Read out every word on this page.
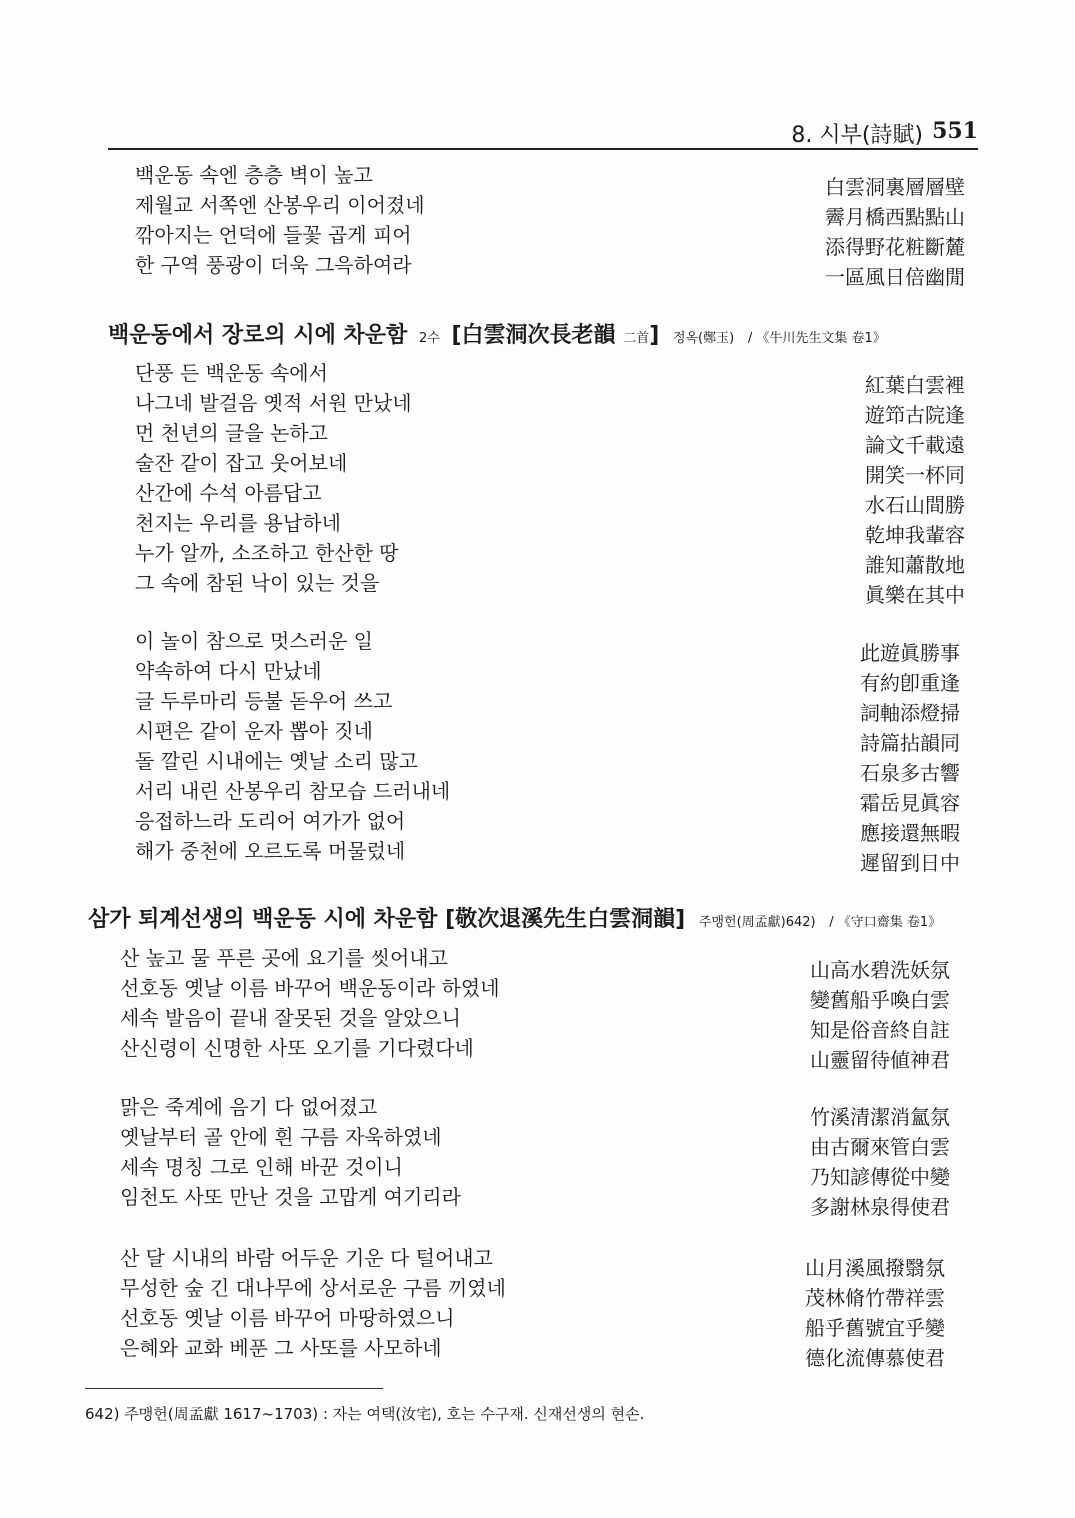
8. 시부(詩賦) 551
백운동 속엔 층층 벽이 높고
제월교 서쪽엔 산봉우리 이어졌네
깎아지는 언덕에 들꽃 곱게 피어
한 구역 풍광이 더욱 그윽하여라
白雲洞裏層層壁
霽月橋西點點山
添得野花粧斷麓
一區風日倍幽閒
백운동에서 장로의 시에 차운함 2수 [白雲洞次長老韻 二首] 정옥(鄭玉) / 《牛川先生文集 卷1》
단풍 든 백운동 속에서
나그네 발걸음 옛적 서원 만났네
먼 천년의 글을 논하고
술잔 같이 잡고 웃어보네
산간에 수석 아름답고
천지는 우리를 용납하네
누가 알까, 소조하고 한산한 땅
그 속에 참된 낙이 있는 것을
紅葉白雲裡
遊笻古院逢
論文千載遠
開笑一杯同
水石山間勝
乾坤我輩容
誰知蕭散地
眞樂在其中
이 놀이 참으로 멋스러운 일
약속하여 다시 만났네
글 두루마리 등불 돋우어 쓰고
시편은 같이 운자 뽑아 짓네
돌 깔린 시내에는 옛날 소리 많고
서리 내린 산봉우리 참모습 드러내네
응접하느라 도리어 여가가 없어
해가 중천에 오르도록 머물렀네
此遊眞勝事
有約卽重逢
詞軸添燈掃
詩篇拈韻同
石泉多古響
霜岳見眞容
應接還無暇
遲留到日中
삼가 퇴계선생의 백운동 시에 차운함 [敬次退溪先生白雲洞韻] 주맹헌(周孟獻)642) / 《守口齋集 卷1》
산 높고 물 푸른 곳에 요기를 씻어내고
선호동 옛날 이름 바꾸어 백운동이라 하였네
세속 발음이 끝내 잘못된 것을 알았으니
산신령이 신명한 사또 오기를 기다렸다네
山高水碧洗妖氛
變舊船乎喚白雲
知是俗音終自註
山靈留待値神君
맑은 죽계에 음기 다 없어졌고
옛날부터 골 안에 흰 구름 자욱하였네
세속 명칭 그로 인해 바꾼 것이니
임천도 사또 만난 것을 고맙게 여기리라
竹溪清潔消氳氛
由古爾來管白雲
乃知諺傳從中變
多謝林泉得使君
산 달 시내의 바람 어두운 기운 다 털어내고
무성한 숲 긴 대나무에 상서로운 구름 끼였네
선호동 옛날 이름 바꾸어 마땅하였으니
은혜와 교화 베푼 그 사또를 사모하네
山月溪風撥翳氛
茂林脩竹帶祥雲
船乎舊號宜乎變
德化流傳慕使君
642) 주맹헌(周孟獻 1617~1703) : 자는 여택(汝宅), 호는 수구재. 신재선생의 현손.
